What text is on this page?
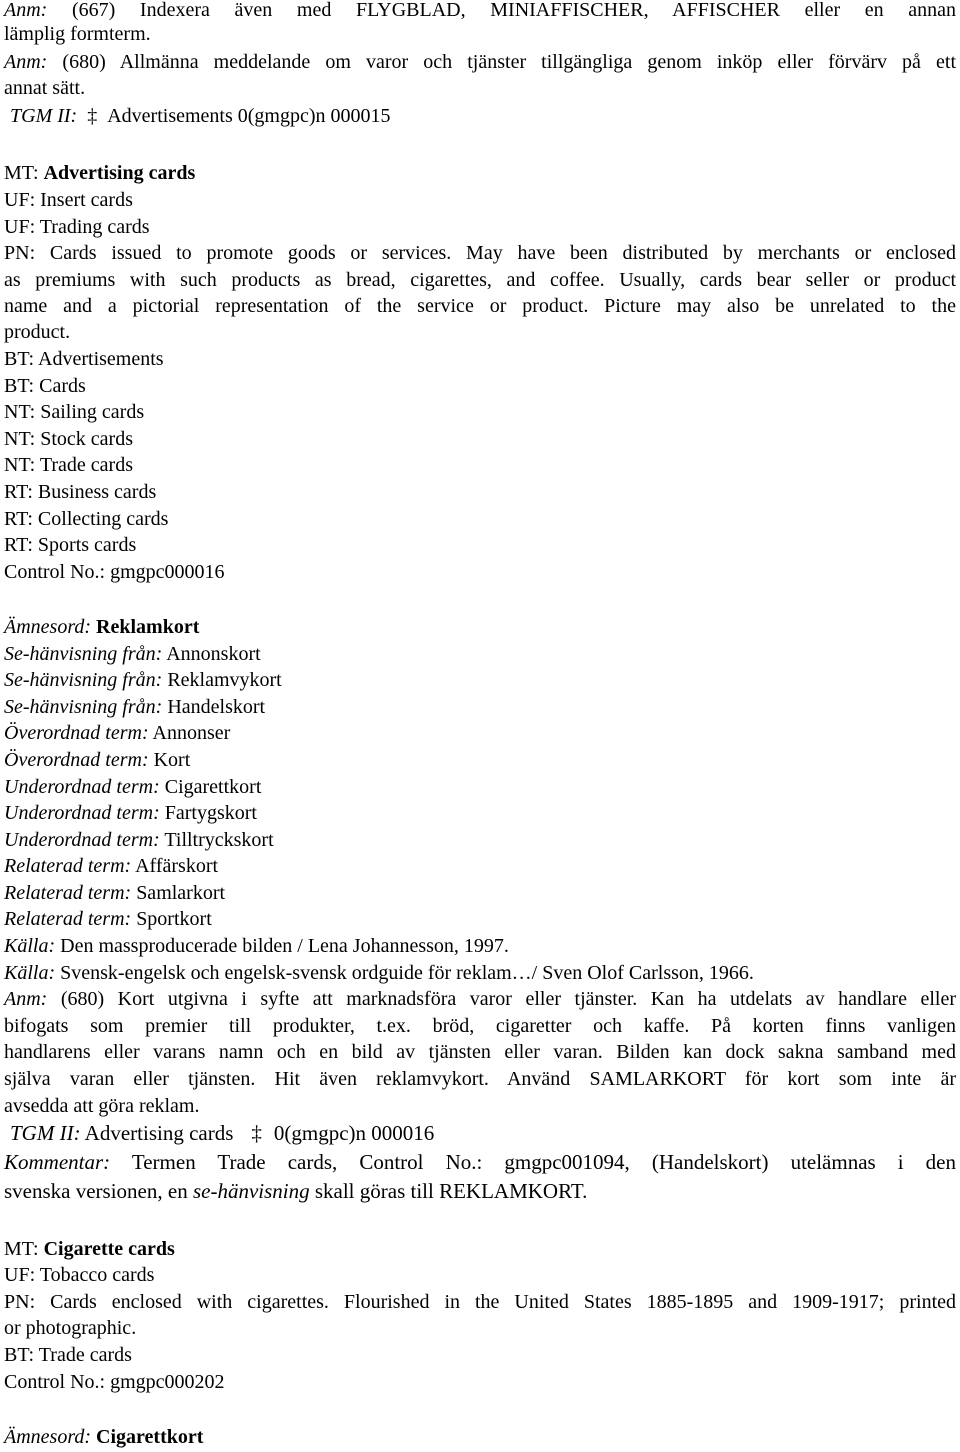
Anm: (667) Indexera även med FLYGBLAD, MINIAFFISCHER, AFFISCHER eller en annan
lämplig formterm.
Anm: (680) Allmänna meddelande om varor och tjänster tillgängliga genom inköp eller förvärv på ett
annat sätt.
TGM II: ‡ Advertisements 0(gmgpc)n 000015
MT: Advertising cards
UF: Insert cards
UF: Trading cards
PN: Cards issued to promote goods or services. May have been distributed by merchants or enclosed
as premiums with such products as bread, cigarettes, and coffee. Usually, cards bear seller or product
name and a pictorial representation of the service or product. Picture may also be unrelated to the
product.
BT: Advertisements
BT: Cards
NT: Sailing cards
NT: Stock cards
NT: Trade cards
RT: Business cards
RT: Collecting cards
RT: Sports cards
Control No.: gmgpc000016
Ämnesord: Reklamkort
Se-hänvisning från: Annonskort
Se-hänvisning från: Reklamvykort
Se-hänvisning från: Handelskort
Överordnad term: Annonser
Överordnad term: Kort
Underordnad term: Cigarettkort
Underordnad term: Fartygskort
Underordnad term: Tilltryckskort
Relaterad term: Affärskort
Relaterad term: Samlarkort
Relaterad term: Sportkort
Källa: Den massproducerade bilden / Lena Johannesson, 1997.
Källa: Svensk-engelsk och engelsk-svensk ordguide för reklam…/ Sven Olof Carlsson, 1966.
Anm: (680) Kort utgivna i syfte att marknadsföra varor eller tjänster. Kan ha utdelats av handlare eller
bifogats som premier till produkter, t.ex. bröd, cigaretter och kaffe. På korten finns vanligen
handlarens eller varans namn och en bild av tjänsten eller varan. Bilden kan dock sakna samband med
själva varan eller tjänsten. Hit även reklamvykort. Använd SAMLARKORT för kort som inte är
avsedda att göra reklam.
TGM II: Advertising cards ‡ 0(gmgpc)n 000016
Kommentar: Termen Trade cards, Control No.: gmgpc001094, (Handelskort) utelämnas i den
svenska versionen, en se-hänvisning skall göras till REKLAMKORT.
MT: Cigarette cards
UF: Tobacco cards
PN: Cards enclosed with cigarettes. Flourished in the United States 1885-1895 and 1909-1917; printed
or photographic.
BT: Trade cards
Control No.: gmgpc000202
Ämnesord: Cigarettkort
